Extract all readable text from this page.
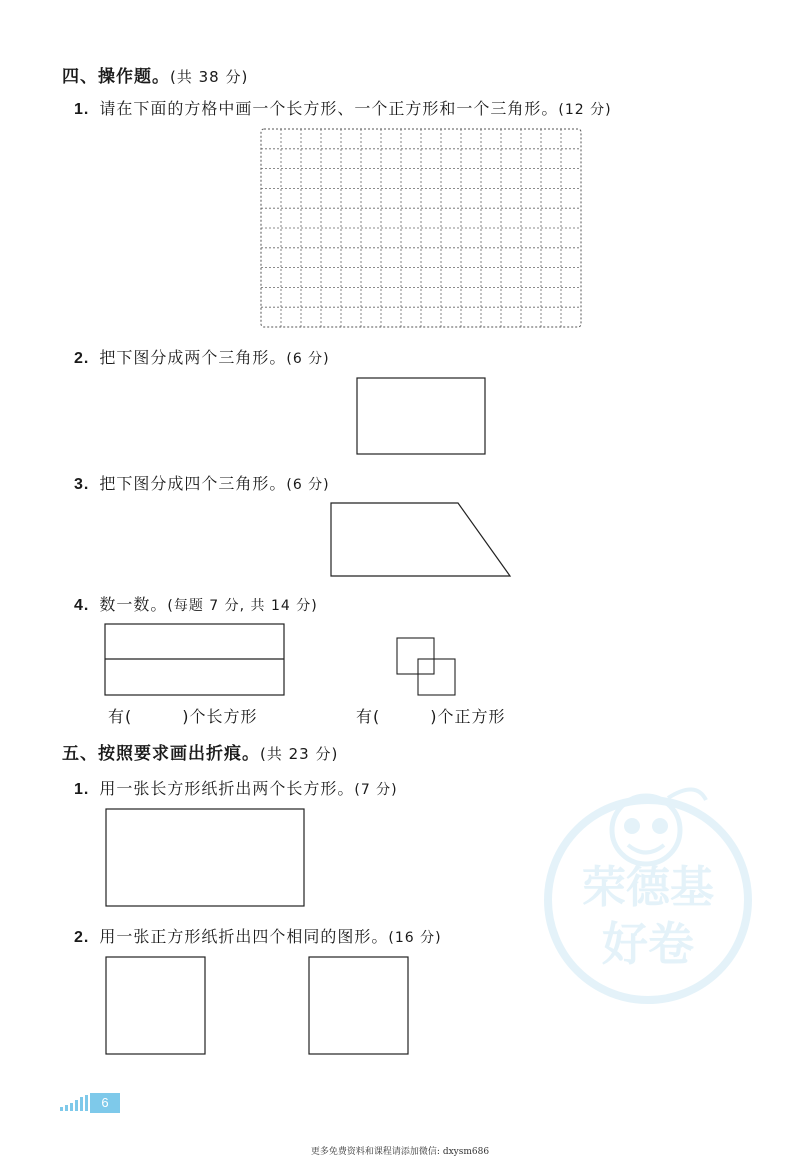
四、操作题。(共 38 分)
1. 请在下面的方格中画一个长方形、一个正方形和一个三角形。(12 分)
2. 把下图分成两个三角形。(6 分)
3. 把下图分成四个三角形。(6 分)
4. 数一数。(每题 7 分, 共 14 分)
有(	)个长方形	有(	)个正方形
五、按照要求画出折痕。(共 23 分)
1. 用一张长方形纸折出两个长方形。(7 分)
2. 用一张正方形纸折出四个相同的图形。(16 分)
荣德基
好卷
6
更多免费资料和课程请添加微信: dxysm686
